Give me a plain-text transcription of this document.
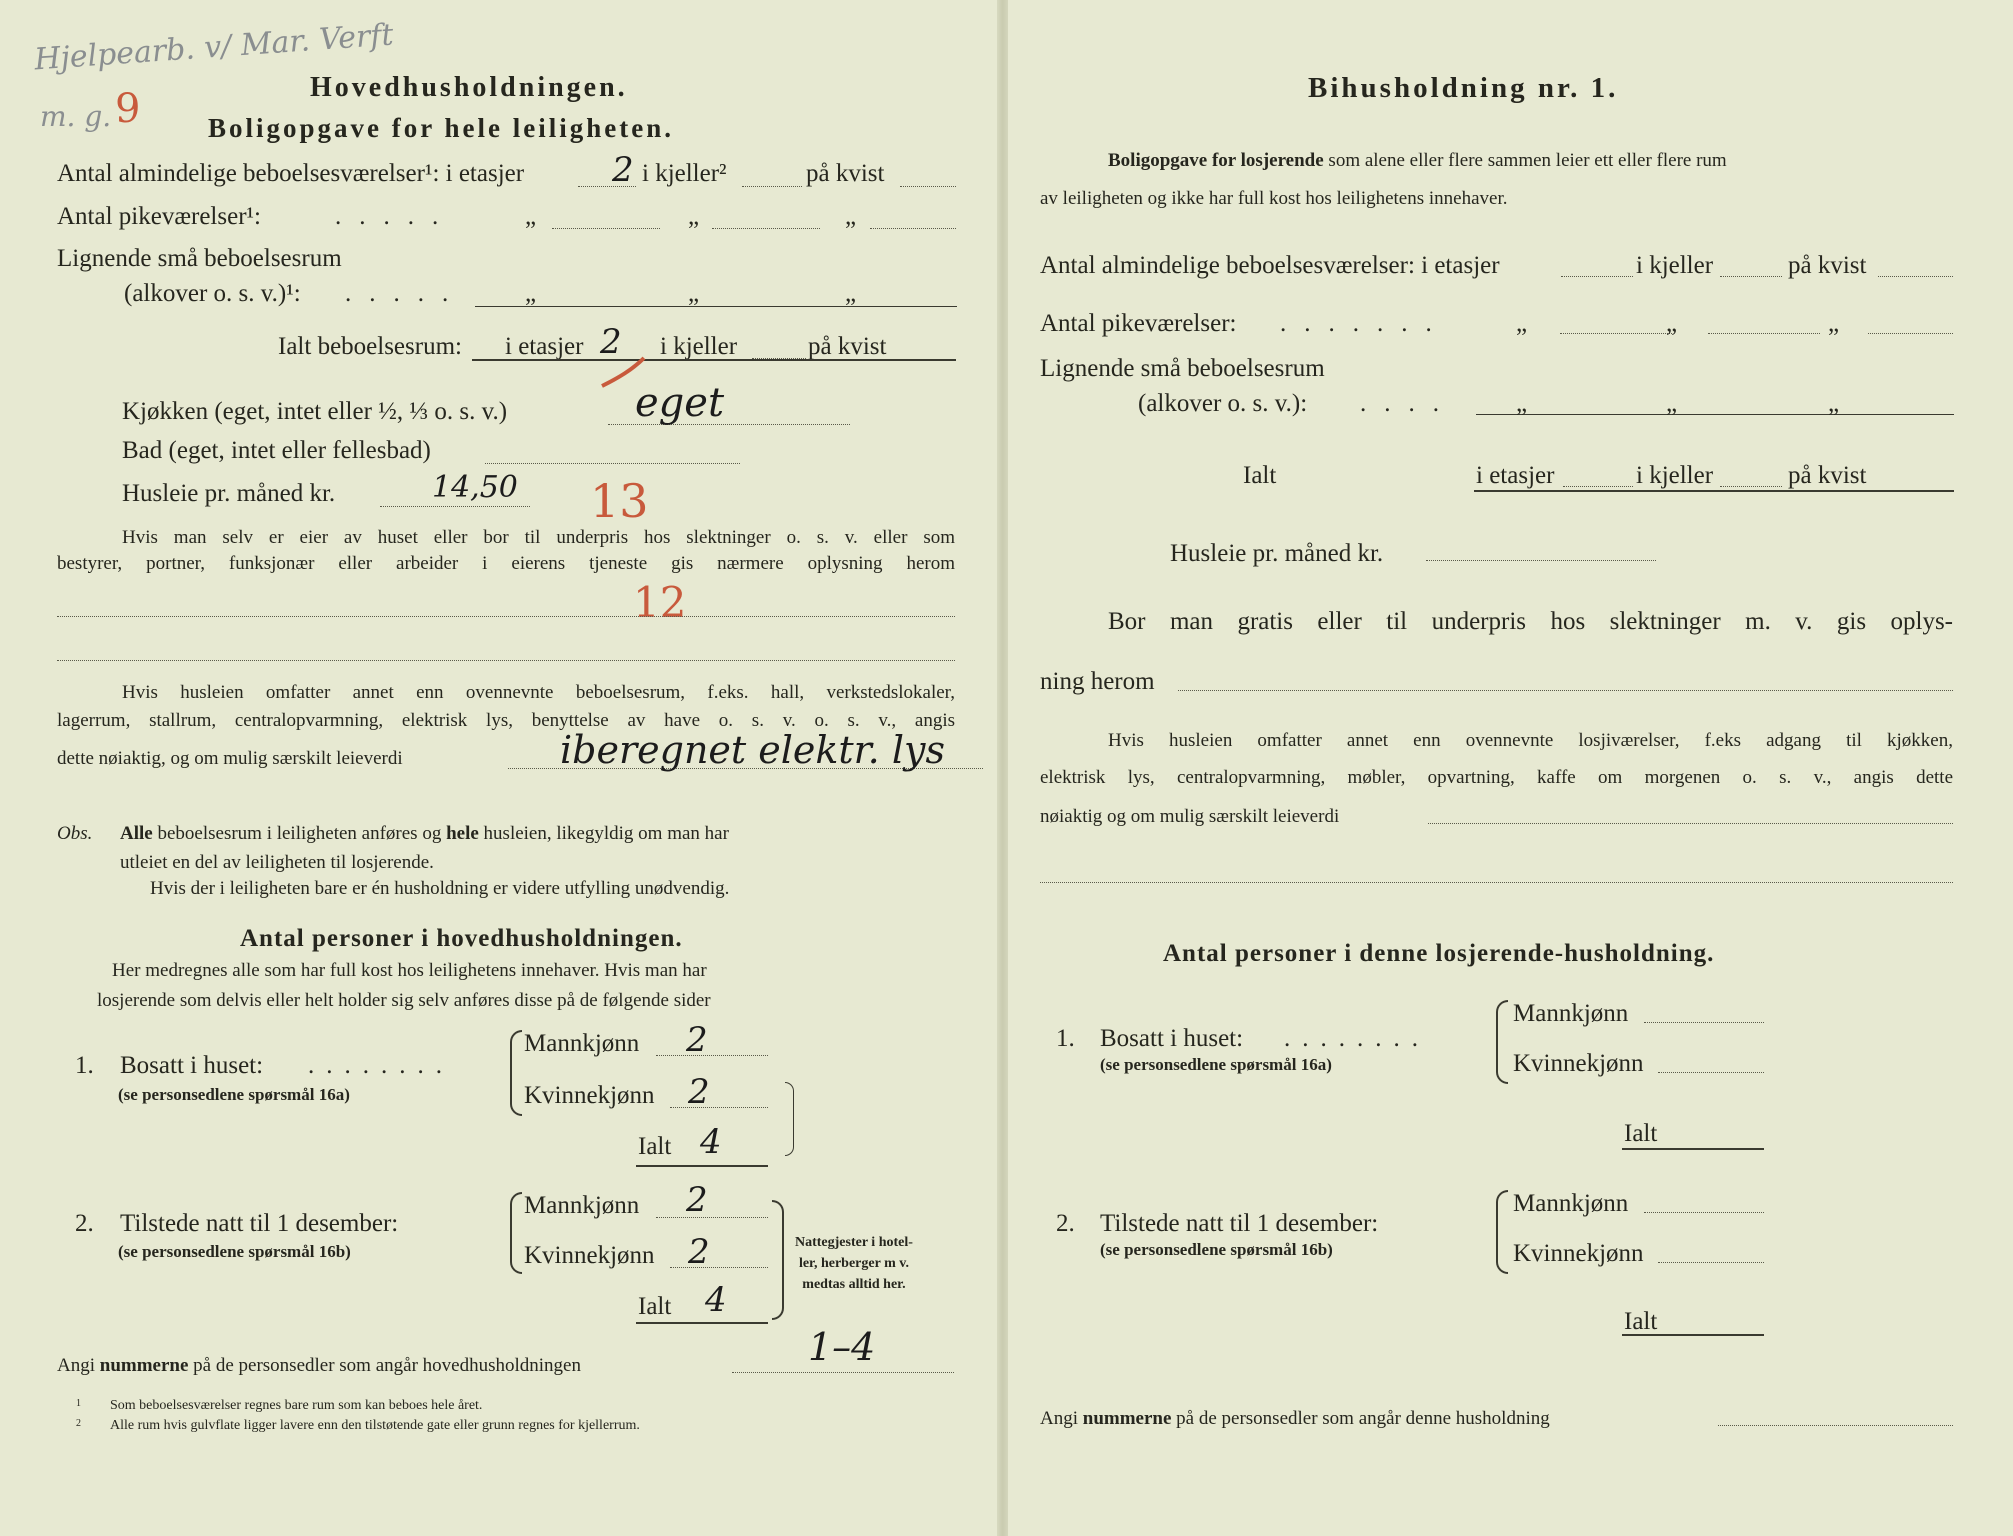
Hjelpearb. v/ Mar. Verft
m. g. 9	Hovedhusholdningen.
Boligopgave for hele leiligheten.
Antal almindelige beboelsesværelser¹: i etasjer	2 i kjeller²	på kvist
Antal pikeværelser¹:	.....	„	„	„
Lignende små beboelsesrum
(alkover o. s. v.)¹: ..... „	„	„
Ialt beboelsesrum: i etasjer 2 i kjeller	på kvist
Kjøkken (eget, intet eller ½, ⅓ o. s. v.)	eget
Bad (eget, intet eller fellesbad)
Husleie pr. måned kr.	14,50 13
Hvis man selv er eier av huset eller bor til underpris hos slektninger o. s. v. eller som
bestyrer, portner, funksjonær eller arbeider i eierens tjeneste gis nærmere oplysning herom
12
Hvis husleien omfatter annet enn ovennevnte beboelsesrum, f.eks. hall, verkstedslokaler,
lagerrum, stallrum, centralopvarmning, elektrisk lys, benyttelse av have o. s. v. o. s. v., angis
dette nøiaktig, og om mulig særskilt leieverdi	iberegnet elektr. lys
Obs. Alle beboelsesrum i leiligheten anføres og hele husleien, likegyldig om man har
utleiet en del av leiligheten til losjerende.
Hvis der i leiligheten bare er én husholdning er videre utfylling unødvendig.
Antal personer i hovedhusholdningen.
Her medregnes alle som har full kost hos leilighetens innehaver. Hvis man har
losjerende som delvis eller helt holder sig selv anføres disse på de følgende sider
1. Bosatt i huset: ........
(se personsedlene spørsmål 16a)
Mannkjønn 2
Kvinnekjønn 2
Ialt 4
2. Tilstede natt til 1 desember:
(se personsedlene spørsmål 16b)
Mannkjønn 2
Kvinnekjønn 2
Ialt 4
Nattegjester i hotel-
ler, herberger m v.
medtas alltid her.
Angi nummerne på de personsedler som angår hovedhusholdningen	1–4
1 Som beboelsesværelser regnes bare rum som kan beboes hele året.
2 Alle rum hvis gulvflate ligger lavere enn den tilstøtende gate eller grunn regnes for kjellerrum.
Bihusholdning nr. 1.
Boligopgave for losjerende som alene eller flere sammen leier ett eller flere rum
av leiligheten og ikke har full kost hos leilighetens innehaver.
Antal almindelige beboelsesværelser: i etasjer	i kjeller	på kvist
Antal pikeværelser: .......	„	„	„
Lignende små beboelsesrum
(alkover o. s. v.): .... „	„	„
Ialt	i etasjer	i kjeller	på kvist
Husleie pr. måned kr.
Bor man gratis eller til underpris hos slektninger m. v. gis oplys-
ning herom
Hvis husleien omfatter annet enn ovennevnte losjiværelser, f.eks adgang til kjøkken,
elektrisk lys, centralopvarmning, møbler, opvartning, kaffe om morgenen o. s. v., angis dette
nøiaktig og om mulig særskilt leieverdi
Antal personer i denne losjerende-husholdning.
1. Bosatt i huset: ........
(se personsedlene spørsmål 16a)
Mannkjønn
Kvinnekjønn
Ialt
2. Tilstede natt til 1 desember:
(se personsedlene spørsmål 16b)
Mannkjønn
Kvinnekjønn
Ialt
Angi nummerne på de personsedler som angår denne husholdning
